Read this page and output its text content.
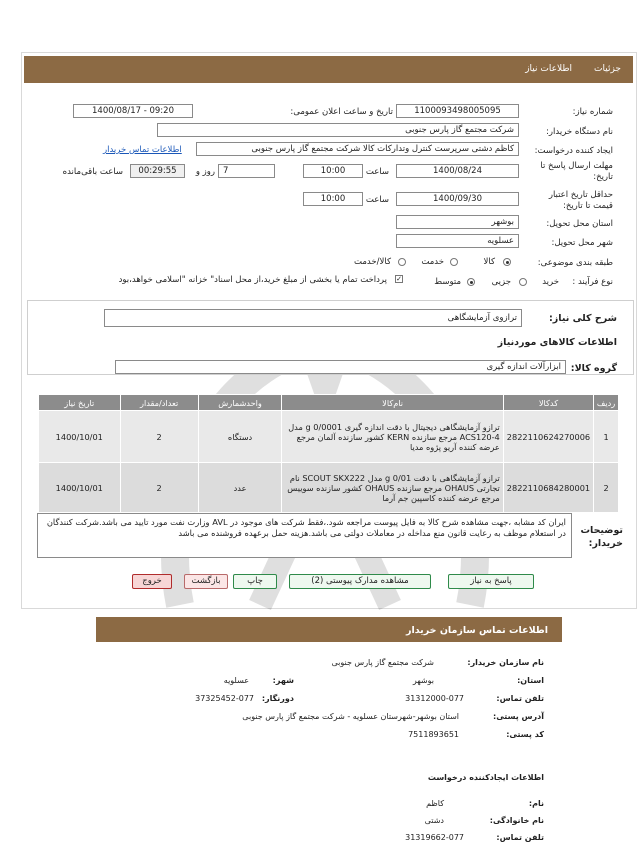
جزئیات
اطلاعات نیاز
شماره نیاز:
1100093498005095
تاریخ و ساعت اعلان عمومی:
1400/08/17 - 09:20
نام دستگاه خریدار:
شرکت مجتمع گاز پارس جنوبی
ایجاد کننده درخواست:
کاظم دشتی سرپرست کنترل وتدارکات کالا شرکت مجتمع گاز پارس جنوبی
اطلاعات تماس خریدار
مهلت ارسال پاسخ تا
تاریخ:
1400/08/24
ساعت
10:00
7
روز و
00:29:55
ساعت باقی‌مانده
حداقل تاریخ اعتبار
قیمت تا تاریخ:
1400/09/30
ساعت
10:00
استان محل تحویل:
بوشهر
شهر محل تحویل:
عسلویه
طبقه بندی موضوعی:
کالا
خدمت
کالا/خدمت
نوع فرآیند :
خرید
جزیی
متوسط
✓
پرداخت تمام یا بخشی از مبلغ خرید،از محل اسناد" خزانه "اسلامی خواهد،بود
شرح کلی نیاز:
ترازوی آزمایشگاهی
اطلاعات کالاهای موردنیاز
گروه کالا:
ابزارآلات اندازه گیری
ردیف	کدکالا	نام‌کالا	واحدشمارش	تعداد/مقدار	تاریخ نیاز
1	2822110624270006	ترازو آزمایشگاهی دیجیتال با دقت اندازه گیری 0/0001 g مدل ACS120-4 مرجع سازنده KERN کشور سازنده آلمان مرجع عرضه کننده آریو پژوه مدیا	دستگاه	2	1400/10/01
2	2822110684280001	ترازو آزمایشگاهی با دقت 0/01 g مدل SCOUT SKX222 نام تجارتی OHAUS مرجع سازنده OHAUS کشور سازنده سوییس مرجع عرضه کننده کاسپین جم آرما	عدد	2	1400/10/01
توضیحات
خریدار:
ایران کد مشابه ،جهت مشاهده شرح کالا به فایل پیوست مراجعه شود.،فقط شرکت های موجود در AVL وزارت نفت مورد تایید می باشد.شرکت کنندگان در استعلام موظف به رعایت قانون منع مداخله در معاملات دولتی می باشد.هزینه حمل برعهده فروشنده می باشد
پاسخ به نیاز
مشاهده مدارک پیوستی (2)
چاپ
بازگشت
خروج
اطلاعات تماس سازمان خریدار
نام سازمان خریدار:
شرکت مجتمع گاز پارس جنوبی
استان:
بوشهر
شهر:
عسلویه
تلفن تماس:
31312000-077
دورنگار:
37325452-077
آدرس پستی:
استان بوشهر-شهرستان عسلویه - شرکت مجتمع گاز پارس جنوبی
کد پستی:
7511893651
اطلاعات ایجادکننده درخواست
نام:
کاظم
نام خانوادگی:
دشتی
تلفن تماس:
31319662-077
